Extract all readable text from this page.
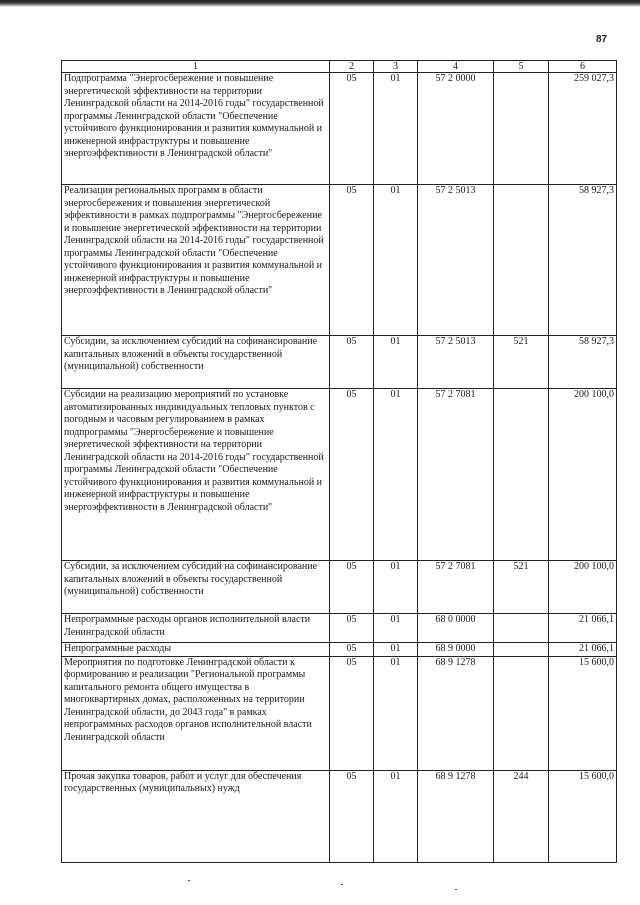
87
1	2	3	4	5	6
Подпрограмма "Энергосбережение и повышение энергетической эффективности на территории Ленинградской области на 2014-2016 годы" государственной программы Ленинградской области "Обеспечение устойчивого функционирования и развития коммунальной и инженерной инфраструктуры и повышение энергоэффективности в Ленинградской области"	05	01	57 2 0000		259 027,3
Реализация региональных программ в области энергосбережения и повышения энергетической эффективности в рамках подпрограммы "Энергосбережение и повышение энергетической эффективности на территории Ленинградской области на 2014-2016 годы" государственной программы Ленинградской области "Обеспечение устойчивого функционирования и развития коммунальной и инженерной инфраструктуры и повышение энергоэффективности в Ленинградской области"	05	01	57 2 5013		58 927,3
Субсидии, за исключением субсидий на софинансирование капитальных вложений в объекты государственной (муниципальной) собственности	05	01	57 2 5013	521	58 927,3
Субсидии на реализацию мероприятий по установке автоматизированных индивидуальных тепловых пунктов с погодным и часовым регулированием в рамках подпрограммы "Энергосбережение и повышение энергетической эффективности на территории Ленинградской области на 2014-2016 годы" государственной программы Ленинградской области "Обеспечение устойчивого функционирования и развития коммунальной и инженерной инфраструктуры и повышение энергоэффективности в Ленинградской области"	05	01	57 2 7081		200 100,0
Субсидии, за исключением субсидий на софинансирование капитальных вложений в объекты государственной (муниципальной) собственности	05	01	57 2 7081	521	200 100,0
Непрограммные расходы органов исполнительной власти Ленинградской области	05	01	68 0 0000		21 066,1
Непрограммные расходы	05	01	68 9 0000		21 066,1
Мероприятия по подготовке Ленинградской области к формированию и реализации "Региональной программы капитального ремонта общего имущества в многоквартирных домах, расположенных на территории Ленинградской области, до 2043 года" в рамках непрограммных расходов органов исполнительной власти Ленинградской области	05	01	68 9 1278		15 600,0
Прочая закупка товаров, работ и услуг для обеспечения государственных (муниципальных) нужд	05	01	68 9 1278	244	15 600,0
